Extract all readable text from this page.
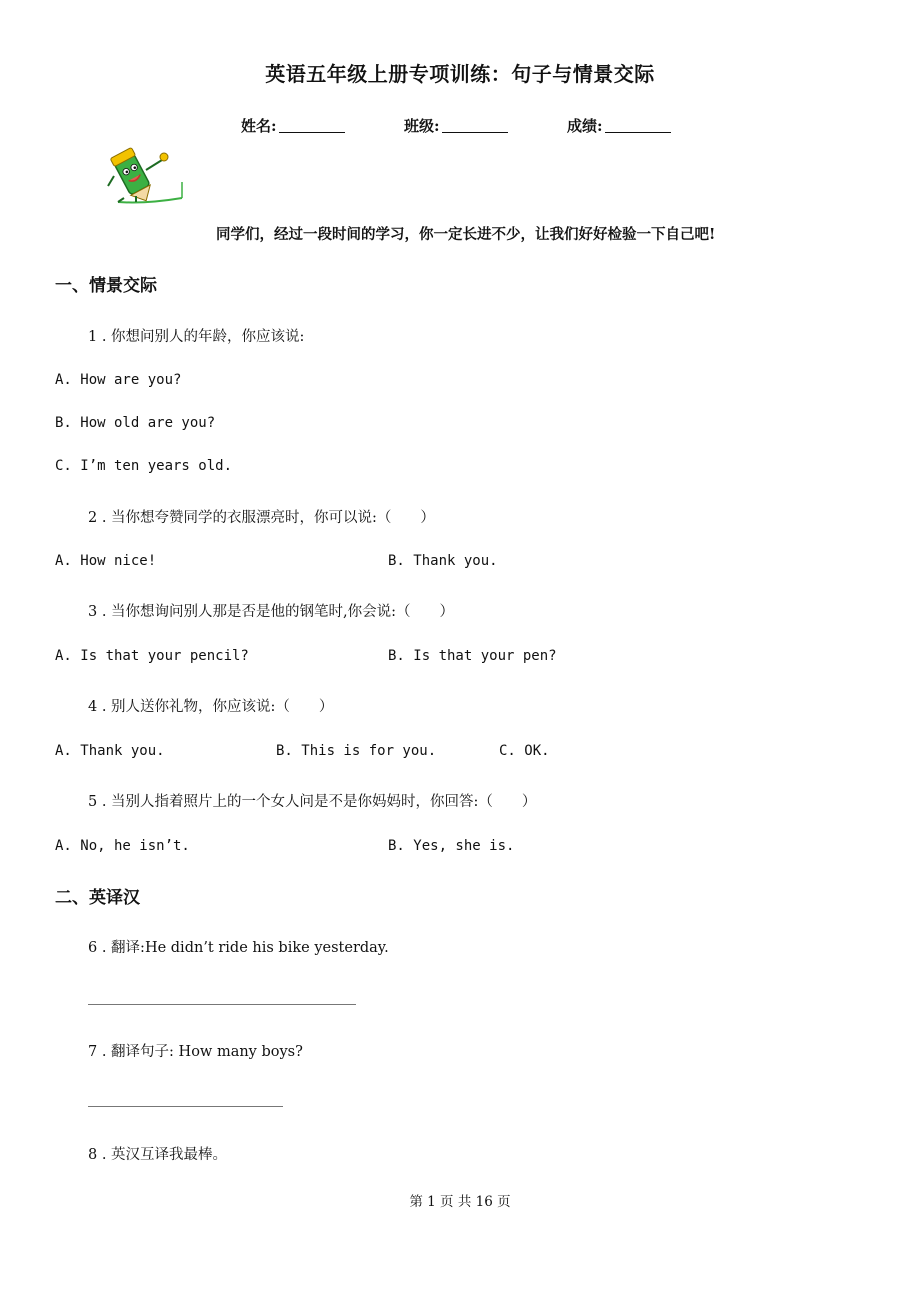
英语五年级上册专项训练：句子与情景交际
姓名:	班级:	成绩:
同学们，经过一段时间的学习，你一定长进不少，让我们好好检验一下自己吧!
一、情景交际
1 . 你想问别人的年龄，你应该说:
A. How are you?
B. How old are you?
C. I’m ten years old.
2 . 当你想夸赞同学的衣服漂亮时，你可以说:（　　）
A. How nice!	B. Thank you.
3 . 当你想询问别人那是否是他的钢笔时,你会说:（　　）
A. Is that your pencil?	B. Is that your pen?
4 . 别人送你礼物，你应该说:（　　）
A. Thank you.	B. This is for you.	C. OK.
5 . 当别人指着照片上的一个女人问是不是你妈妈时，你回答:（　　）
A. No, he isn’t.	B. Yes, she is.
二、英译汉
6 . 翻译:He didn’t ride his bike yesterday.
7 . 翻译句子: How many boys?
8 . 英汉互译我最棒。
第 1 页 共 16 页
